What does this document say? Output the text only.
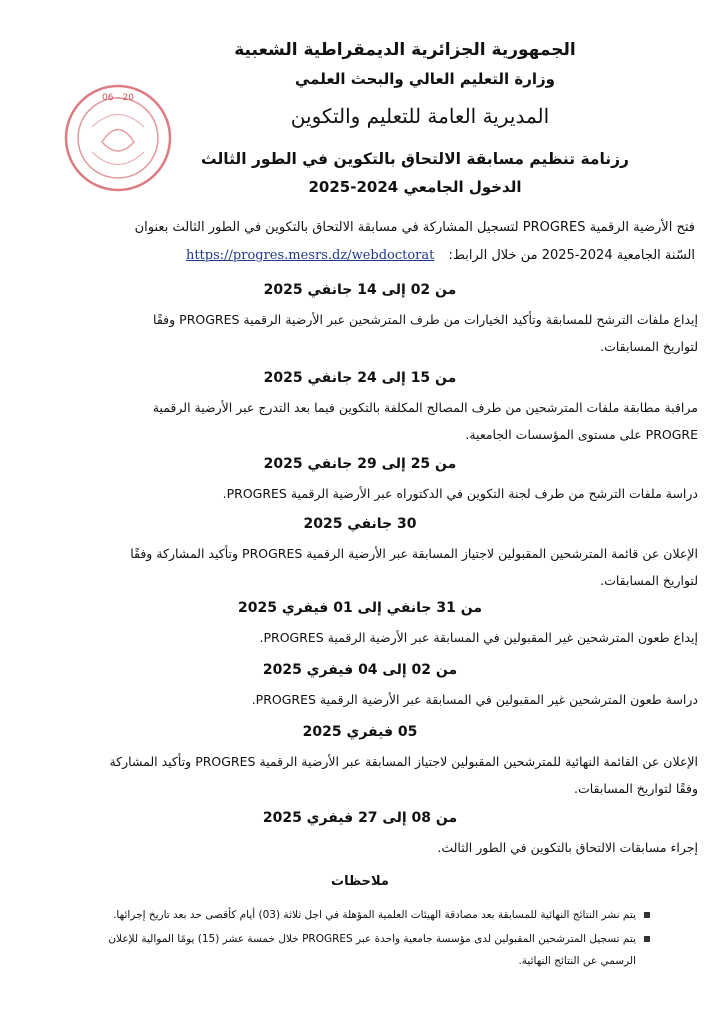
20 - 06
الجمهورية الجزائرية الديمقراطية الشعبية
وزارة التعليم العالي والبحث العلمي
المديرية العامة للتعليم والتكوين
رزنامة تنظيم مسابقة الالتحاق بالتكوين في الطور الثالث
الدخول الجامعي 2024-2025
فتح الأرضية الرقمية PROGRES لتسجيل المشاركة في مسابقة الالتحاق بالتكوين في الطور الثالث بعنوان
السّنة الجامعية 2024-2025 من خلال الرابط: https://progres.mesrs.dz/webdoctorat
من 02 إلى 14 جانفي 2025
إيداع ملفات الترشح للمسابقة وتأكيد الخيارات من طرف المترشحين عبر الأرضية الرقمية PROGRES وفقًا
لتواريخ المسابقات.
من 15 إلى 24 جانفي 2025
مراقبة مطابقة ملفات المترشحين من طرف المصالح المكلفة بالتكوين فيما بعد التدرج عبر الأرضية الرقمية
PROGRE على مستوى المؤسسات الجامعية.
من 25 إلى 29 جانفي 2025
دراسة ملفات الترشح من طرف لجنة التكوين في الدكتوراه عبر الأرضية الرقمية PROGRES.
30 جانفي 2025
الإعلان عن قائمة المترشحين المقبولين لاجتياز المسابقة عبر الأرضية الرقمية PROGRES وتأكيد المشاركة وفقًا
لتواريخ المسابقات.
من 31 جانفي إلى 01 فيفري 2025
إيداع طعون المترشحين غير المقبولين في المسابقة عبر الأرضية الرقمية PROGRES.
من 02 إلى 04 فيفري 2025
دراسة طعون المترشحين غير المقبولين في المسابقة عبر الأرضية الرقمية PROGRES.
05 فيفري 2025
الإعلان عن القائمة النهائية للمترشحين المقبولين لاجتياز المسابقة عبر الأرضية الرقمية PROGRES وتأكيد المشاركة
وفقًا لتواريخ المسابقات.
من 08 إلى 27 فيفري 2025
إجراء مسابقات الالتحاق بالتكوين في الطور الثالث.
ملاحظات
يتم نشر النتائج النهائية للمسابقة بعد مصادقة الهيئات العلمية المؤهلة في اجل ثلاثة (03) أيام كأقصى حد بعد تاريخ إجرائها.
يتم تسجيل المترشحين المقبولين لدى مؤسسة جامعية واحدة عبر PROGRES خلال خمسة عشر (15) يومًا الموالية للإعلان
الرسمي عن النتائج النهائية.
